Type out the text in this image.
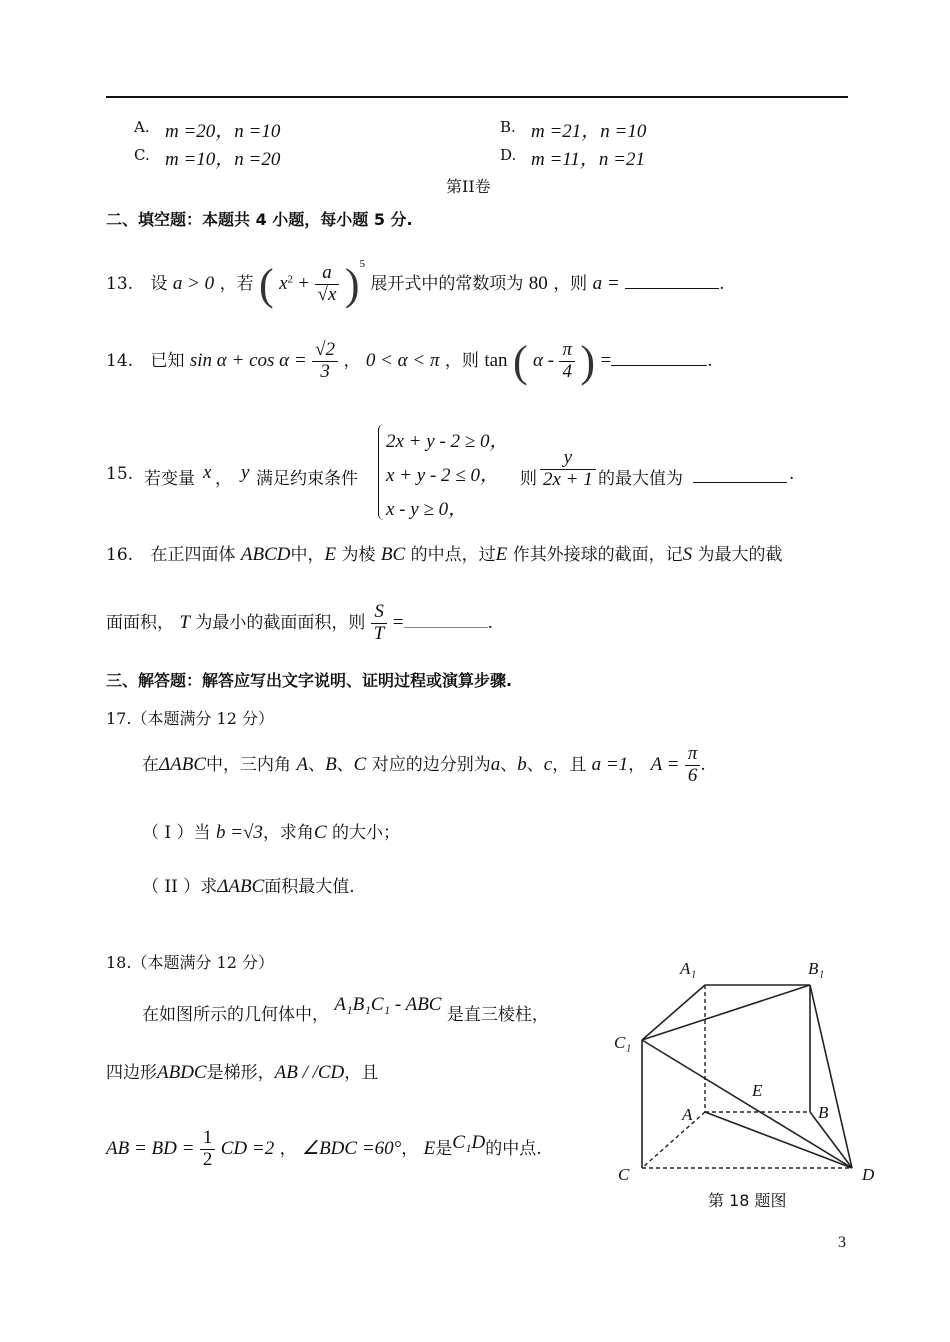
A. m =20，n =10	B. m =21，n =10
C. m =10，n =20	D. m =11，n =21
第II卷
二、填空题：本题共 4 小题，每小题 5 分.
13. 设 a > 0 ，若 ( $x^2 + \frac{a}{√x} )^5$ 展开式中的常数项为 80 ，则 a =	.
14. 已知 $\sin \alpha + \cos \alpha = \frac{√2}{3}$ ， 0 < α < π ，则 tan ( α - $\frac{\pi}{4}$ ) =	.
15. 若变量 x ， y 满足约束条件
2x + y - 2 ≥ 0，
x + y - 2 ≤ 0，
x - y ≥ 0，
则 $\frac{y}{2x + 1}$ 的最大值为	.
16. 在正四面体 ABCD中，E 为棱 BC 的中点，过E 作其外接球的截面，记S 为最大的截
面面积， T 为最小的截面面积，则 $\frac{S}{T}$ =	.
三、解答题：解答应写出文字说明、证明过程或演算步骤.
17.（本题满分 12 分）
在ΔABC中，三内角 A、B、C 对应的边分别为a、b、c，且 a =1， $A = \frac{\pi}{6}$ .
（ I ）当 b =√3，求角C 的大小；
（ II ）求ΔABC面积最大值.
18.（本题满分 12 分）
在如图所示的几何体中， A₁B₁C₁ - ABC 是直三棱柱，
四边形ABDC是梯形，AB / /CD，且
AB = BD = $\frac{1}{2}$ CD =2 ， ∠BDC =60°， E是C₁D的中点.
A₁	B₁
C₁
A	B
E
C	D
第 18 题图
3
